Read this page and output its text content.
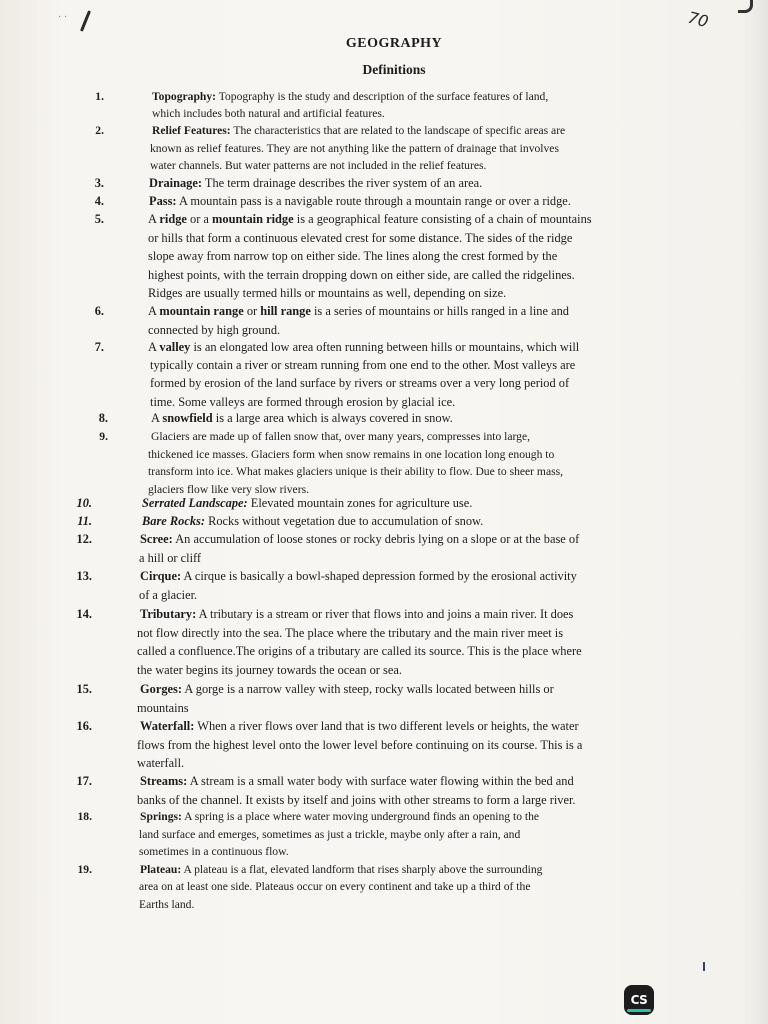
· ·	70
GEOGRAPHY
Definitions
1.	Topography: Topography is the study and description of the surface features of land,
which includes both natural and artificial features.
2.	Relief Features: The characteristics that are related to the landscape of specific areas are
known as relief features. They are not anything like the pattern of drainage that involves
water channels. But water patterns are not included in the relief features.
3.	Drainage: The term drainage describes the river system of an area.
4.	Pass: A mountain pass is a navigable route through a mountain range or over a ridge.
5.	A ridge or a mountain ridge is a geographical feature consisting of a chain of mountains
or hills that form a continuous elevated crest for some distance. The sides of the ridge
slope away from narrow top on either side. The lines along the crest formed by the
highest points, with the terrain dropping down on either side, are called the ridgelines.
Ridges are usually termed hills or mountains as well, depending on size.
6.	A mountain range or hill range is a series of mountains or hills ranged in a line and
connected by high ground.
7.	A valley is an elongated low area often running between hills or mountains, which will
typically contain a river or stream running from one end to the other. Most valleys are
formed by erosion of the land surface by rivers or streams over a very long period of
time. Some valleys are formed through erosion by glacial ice.
8.	A snowfield is a large area which is always covered in snow.
9.	Glaciers are made up of fallen snow that, over many years, compresses into large,
thickened ice masses. Glaciers form when snow remains in one location long enough to
transform into ice. What makes glaciers unique is their ability to flow. Due to sheer mass,
glaciers flow like very slow rivers.
10.	Serrated Landscape: Elevated mountain zones for agriculture use.
11.	Bare Rocks: Rocks without vegetation due to accumulation of snow.
12.	Scree: An accumulation of loose stones or rocky debris lying on a slope or at the base of
a hill or cliff
13.	Cirque: A cirque is basically a bowl-shaped depression formed by the erosional activity
of a glacier.
14.	Tributary: A tributary is a stream or river that flows into and joins a main river. It does
not flow directly into the sea. The place where the tributary and the main river meet is
called a confluence.The origins of a tributary are called its source. This is the place where
the water begins its journey towards the ocean or sea.
15.	Gorges: A gorge is a narrow valley with steep, rocky walls located between hills or
mountains
16.	Waterfall: When a river flows over land that is two different levels or heights, the water
flows from the highest level onto the lower level before continuing on its course. This is a
waterfall.
17.	Streams: A stream is a small water body with surface water flowing within the bed and
banks of the channel. It exists by itself and joins with other streams to form a large river.
18.	Springs: A spring is a place where water moving underground finds an opening to the
land surface and emerges, sometimes as just a trickle, maybe only after a rain, and
sometimes in a continuous flow.
19.	Plateau: A plateau is a flat, elevated landform that rises sharply above the surrounding
area on at least one side. Plateaus occur on every continent and take up a third of the
Earths land.
CS
